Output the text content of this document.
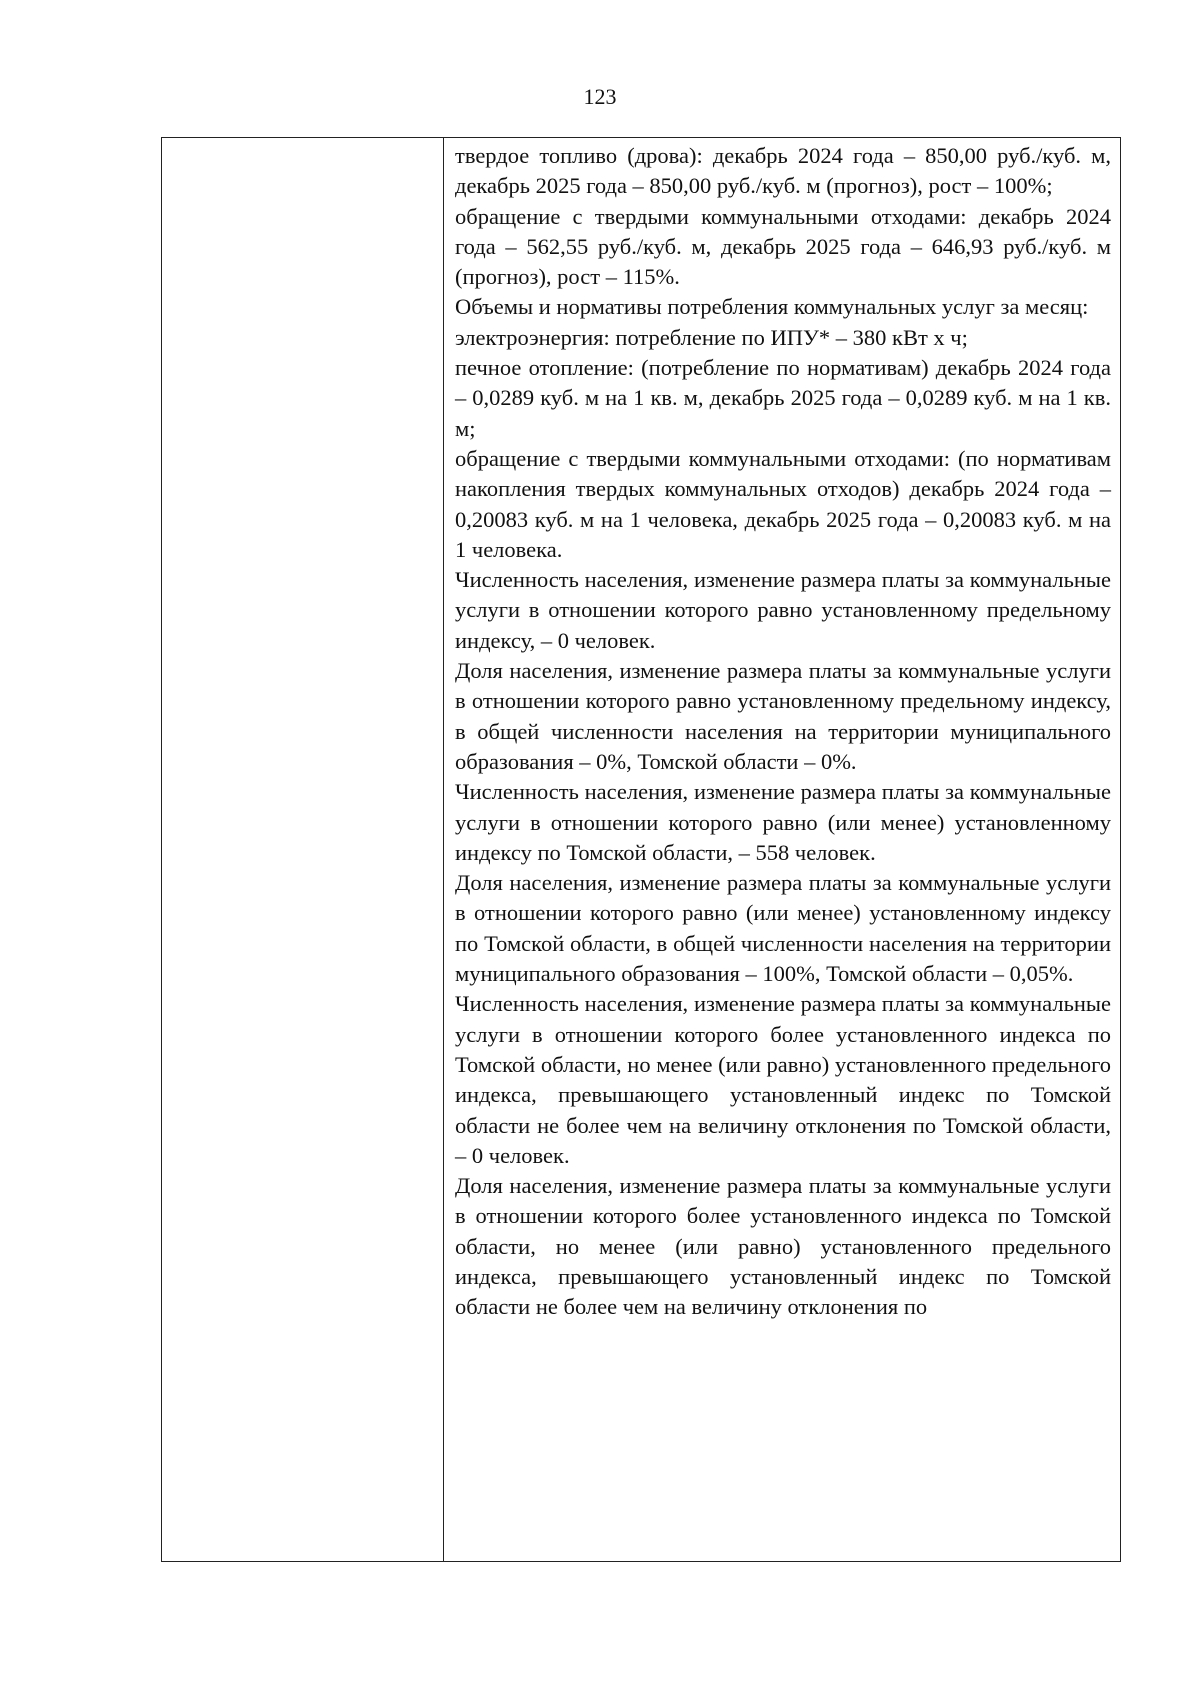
123

твердое топливо (дрова): декабрь 2024 года – 850,00 руб./куб. м, декабрь 2025 года – 850,00 руб./куб. м (прогноз), рост – 100%;

обращение с твердыми коммунальными отходами: декабрь 2024 года – 562,55 руб./куб. м, декабрь 2025 года – 646,93 руб./куб. м (прогноз), рост – 115%.

Объемы и нормативы потребления коммунальных услуг за месяц:

электроэнергия: потребление по ИПУ* – 380 кВт х ч;

печное отопление: (потребление по нормативам) декабрь 2024 года – 0,0289 куб. м на 1 кв. м, декабрь 2025 года – 0,0289 куб. м на 1 кв. м;

обращение с твердыми коммунальными отходами: (по нормативам накопления твердых коммунальных отходов) декабрь 2024 года – 0,20083 куб. м на 1 человека, декабрь 2025 года – 0,20083 куб. м на 1 человека.

Численность населения, изменение размера платы за коммунальные услуги в отношении которого равно установленному предельному индексу, – 0 человек.

Доля населения, изменение размера платы за коммунальные услуги в отношении которого равно установленному предельному индексу, в общей численности населения на территории муниципального образования – 0%, Томской области – 0%.

Численность населения, изменение размера платы за коммунальные услуги в отношении которого равно (или менее) установленному индексу по Томской области, – 558 человек.

Доля населения, изменение размера платы за коммунальные услуги в отношении которого равно (или менее) установленному индексу по Томской области, в общей численности населения на территории муниципального образования – 100%, Томской области – 0,05%.

Численность населения, изменение размера платы за коммунальные услуги в отношении которого более установленного индекса по Томской области, но менее (или равно) установленного предельного индекса, превышающего установленный индекс по Томской области не более чем на величину отклонения по Томской области, – 0 человек.

Доля населения, изменение размера платы за коммунальные услуги в отношении которого более установленного индекса по Томской области, но менее (или равно) установленного предельного индекса, превышающего установленный индекс по Томской области не более чем на величину отклонения по
